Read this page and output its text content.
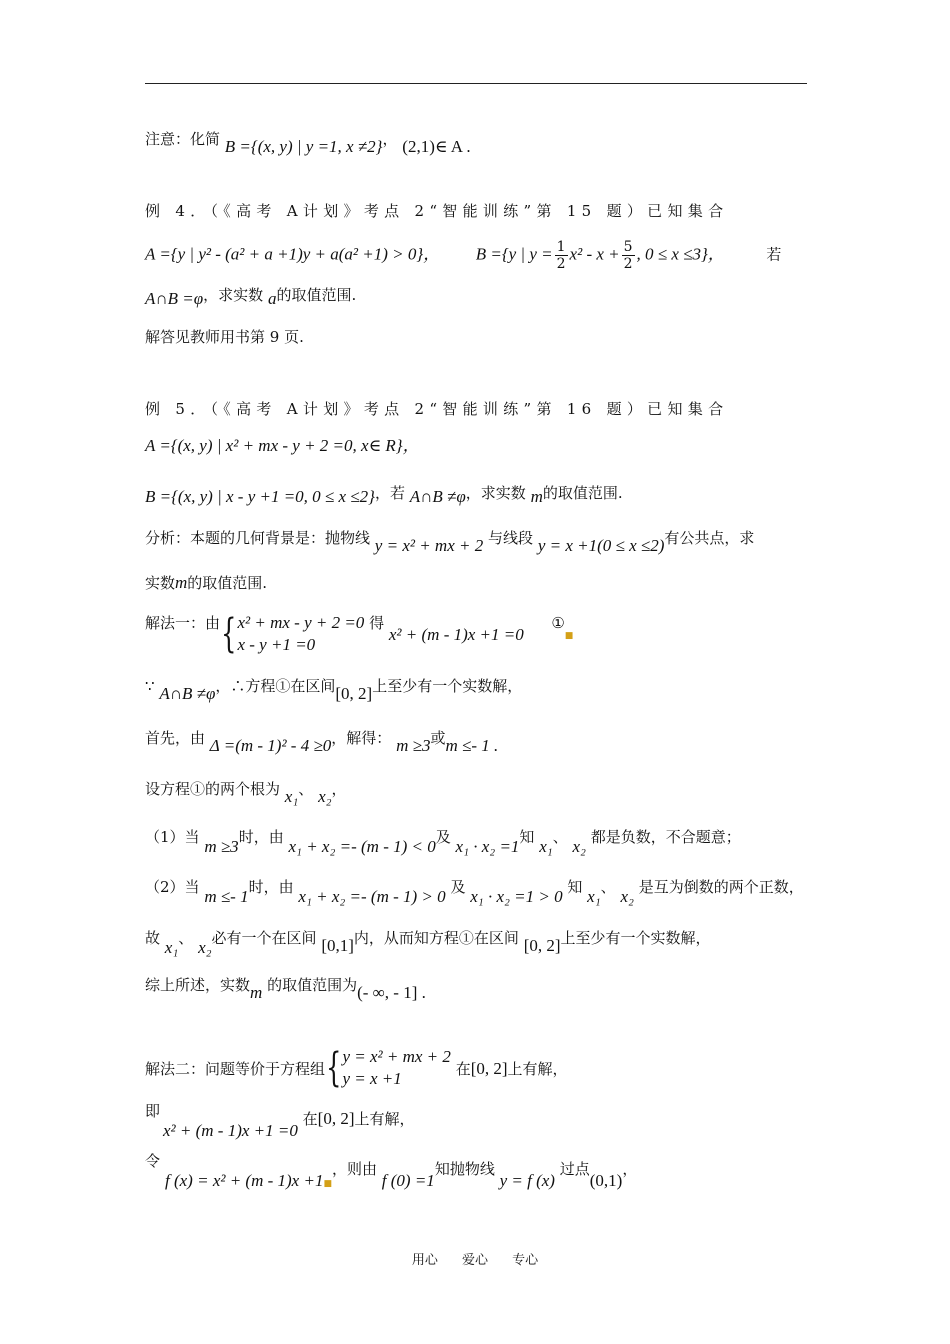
注意：化简 B ={(x, y) | y =1, x ≠2}， (2,1)∈ A .
例 4．（《高考 A计划》考点 2“智能训练”第 15 题）已知集合
A ={y | y² - (a² + a +1)y + a(a² +1) > 0}， B ={y | $y = \frac{1}{2} x^2 - x + \frac{5}{2}$ , 0 ≤ x ≤3}，	若
A∩B =φ，求实数 a的取值范围.
解答见教师用书第 9 页.
例 5．（《高考 A计划》考点 2“智能训练”第 16 题）已知集合
A ={(x, y) | x² + mx - y + 2 =0, x∈ R}，
B ={(x, y) | x - y +1 =0, 0 ≤ x ≤2}，若 A∩B ≠φ，求实数 m的取值范围.
分析：本题的几何背景是：抛物线 y = x² + mx + 2 与线段 y = x +1(0 ≤ x ≤2)有公共点，求
实数m的取值范围.
解法一：由{ x² + mx - y + 2 =0
x - y +1 =0
得 x² + (m - 1)x +1 =0  ①■
∵ A∩B ≠φ，∴方程①在区间[0, 2]上至少有一个实数解，
首先，由 Δ =(m - 1)² - 4 ≥0，解得： m ≥3或m ≤- 1 .
设方程①的两个根为 x₁、 x₂，
（1）当 m ≥3时，由 x₁ + x₂ =- (m - 1) < 0及 x₁ · x₂ =1知 x₁、 x₂ 都是负数，不合题意；
（2）当 m ≤- 1时，由 x₁ + x₂ =- (m - 1) > 0 及 x₁ · x₂ =1 > 0 知 x₁、 x₂ 是互为倒数的两个正数，
故 x₁、 x₂必有一个在区间 [0,1]内，从而知方程①在区间 [0, 2]上至少有一个实数解，
综上所述，实数m 的取值范围为(- ∞, - 1] .
解法二：问题等价于方程组{ y = x² + mx + 2
y = x +1	在[0, 2]上有解，
即
x² + (m - 1)x +1 =0 在[0, 2]上有解，
令
f (x) = x² + (m - 1)x +1■，则由 f (0) =1知抛物线 y = f (x) 过点(0,1)，
用心 爱心 专心
